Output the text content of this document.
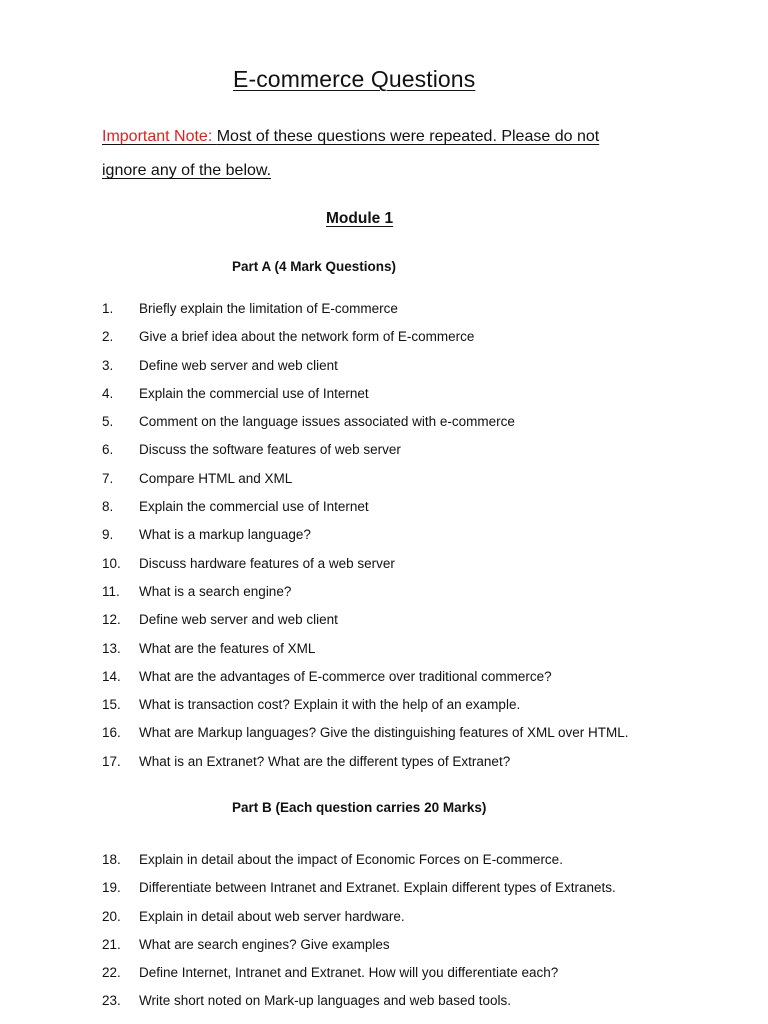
E-commerce Questions
Important Note: Most of these questions were repeated. Please do not
ignore any of the below.
Module 1
Part A (4 Mark Questions)
1.	Briefly explain the limitation of E-commerce
2.	Give a brief idea about the network form of E-commerce
3.	Define web server and web client
4.	Explain the commercial use of Internet
5.	Comment on the language issues associated with e-commerce
6.	Discuss the software features of web server
7.	Compare HTML and XML
8.	Explain the commercial use of Internet
9.	What is a markup language?
10.	Discuss hardware features of a web server
11.	What is a search engine?
12.	Define web server and web client
13.	What are the features of XML
14.	What are the advantages of E-commerce over traditional commerce?
15.	What is transaction cost? Explain it with the help of an example.
16.	What are Markup languages? Give the distinguishing features of XML over HTML.
17.	What is an Extranet? What are the different types of Extranet?
Part B (Each question carries 20 Marks)
18.	Explain in detail about the impact of Economic Forces on E-commerce.
19.	Differentiate between Intranet and Extranet. Explain different types of Extranets.
20.	Explain in detail about web server hardware.
21.	What are search engines? Give examples
22.	Define Internet, Intranet and Extranet. How will you differentiate each?
23.	Write short noted on Mark-up languages and web based tools.
